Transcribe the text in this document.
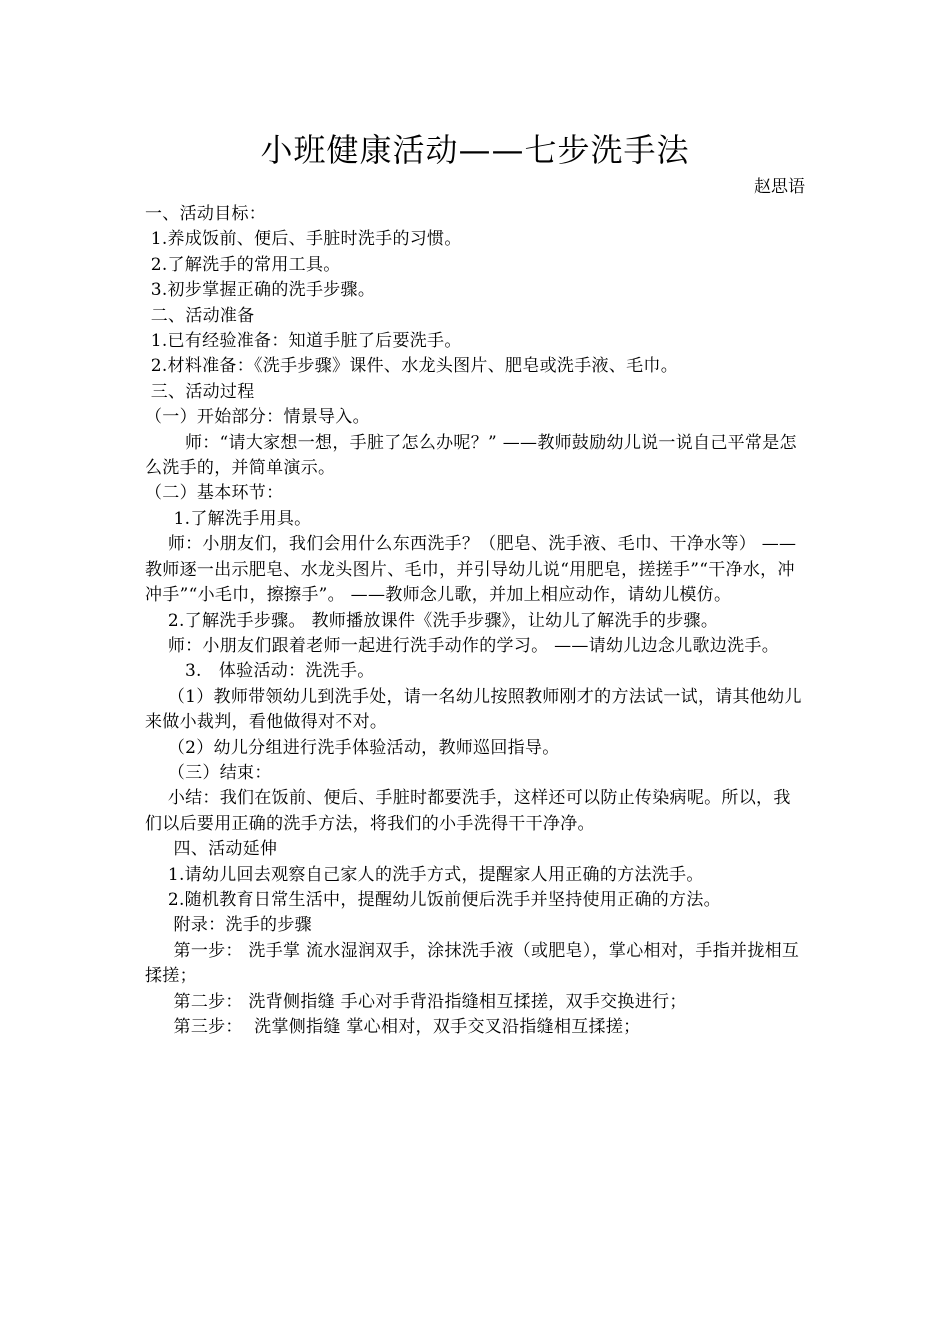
小班健康活动——七步洗手法
赵思语

一、活动目标：

1.养成饭前、便后、手脏时洗手的习惯。

2.了解洗手的常用工具。

3.初步掌握正确的洗手步骤。

二、活动准备

1.已有经验准备：知道手脏了后要洗手。

2.材料准备：《洗手步骤》课件、水龙头图片、肥皂或洗手液、毛巾。

三、活动过程

（一）开始部分：情景导入。

师：“请大家想一想，手脏了怎么办呢？” ——教师鼓励幼儿说一说自己平常是怎么洗手的，并简单演示。

（二）基本环节：

1.了解洗手用具。

师：小朋友们，我们会用什么东西洗手？（肥皂、洗手液、毛巾、干净水等） ——教师逐一出示肥皂、水龙头图片、毛巾，并引导幼儿说“用肥皂，搓搓手”“干净水，冲冲手”“小毛巾，擦擦手”。 ——教师念儿歌，并加上相应动作，请幼儿模仿。

2.了解洗手步骤。 教师播放课件《洗手步骤》，让幼儿了解洗手的步骤。

师：小朋友们跟着老师一起进行洗手动作的学习。 ——请幼儿边念儿歌边洗手。

3.   体验活动：洗洗手。

（1）教师带领幼儿到洗手处，请一名幼儿按照教师刚才的方法试一试，请其他幼儿来做小裁判，看他做得对不对。

（2）幼儿分组进行洗手体验活动，教师巡回指导。

（三）结束：

小结：我们在饭前、便后、手脏时都要洗手，这样还可以防止传染病呢。所以，我们以后要用正确的洗手方法，将我们的小手洗得干干净净。

四、活动延伸

1.请幼儿回去观察自己家人的洗手方式，提醒家人用正确的方法洗手。

2.随机教育日常生活中，提醒幼儿饭前便后洗手并坚持使用正确的方法。

附录：洗手的步骤

第一步： 洗手掌 流水湿润双手，涂抹洗手液（或肥皂），掌心相对，手指并拢相互揉搓；

第二步： 洗背侧指缝 手心对手背沿指缝相互揉搓，双手交换进行；

第三步：  洗掌侧指缝 掌心相对，双手交叉沿指缝相互揉搓；
